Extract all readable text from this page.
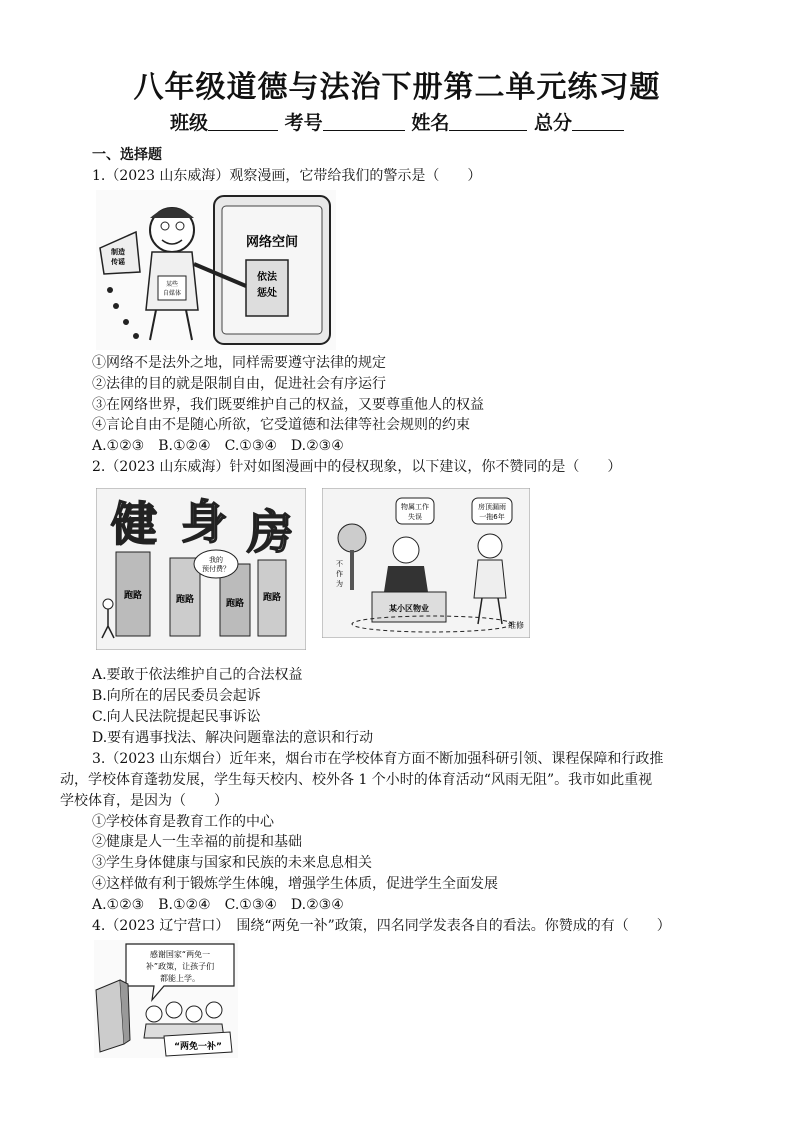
八年级道德与法治下册第二单元练习题
班级	考号	姓名	总分
一、选择题
1.（2023 山东威海）观察漫画，它带给我们的警示是（　　）
网络空间
依法
惩处
某些
自媒体
制造
传谣
①网络不是法外之地，同样需要遵守法律的规定
②法律的目的就是限制自由，促进社会有序运行
③在网络世界，我们既要维护自己的权益，又要尊重他人的权益
④言论自由不是随心所欲，它受道德和法律等社会规则的约束
A.①②③　B.①②④　C.①③④　D.②③④
2.（2023 山东威海）针对如图漫画中的侵权现象，以下建议，你不赞同的是（　　）
健 身 房
跑路	跑路	跑路
跑路
我的
预付费？
物属工作
失误
房顶漏雨
一拖6年
不
作
为
某小区物业
维修
A.要敢于依法维护自己的合法权益
B.向所在的居民委员会起诉
C.向人民法院提起民事诉讼
D.要有遇事找法、解决问题靠法的意识和行动
3.（2023 山东烟台）近年来，烟台市在学校体育方面不断加强科研引领、课程保障和行政推
动，学校体育蓬勃发展，学生每天校内、校外各 1 个小时的体育活动“风雨无阻”。我市如此重视
学校体育，是因为（　　）
①学校体育是教育工作的中心
②健康是人一生幸福的前提和基础
③学生身体健康与国家和民族的未来息息相关
④这样做有利于锻炼学生体魄，增强学生体质，促进学生全面发展
A.①②③　B.①②④　C.①③④　D.②③④
4.（2023 辽宁营口）　围绕“两免一补”政策，四名同学发表各自的看法。你赞成的有（　　）
感谢国家“两免一
补”政策，让孩子们
都能上学。
“两免一补”
